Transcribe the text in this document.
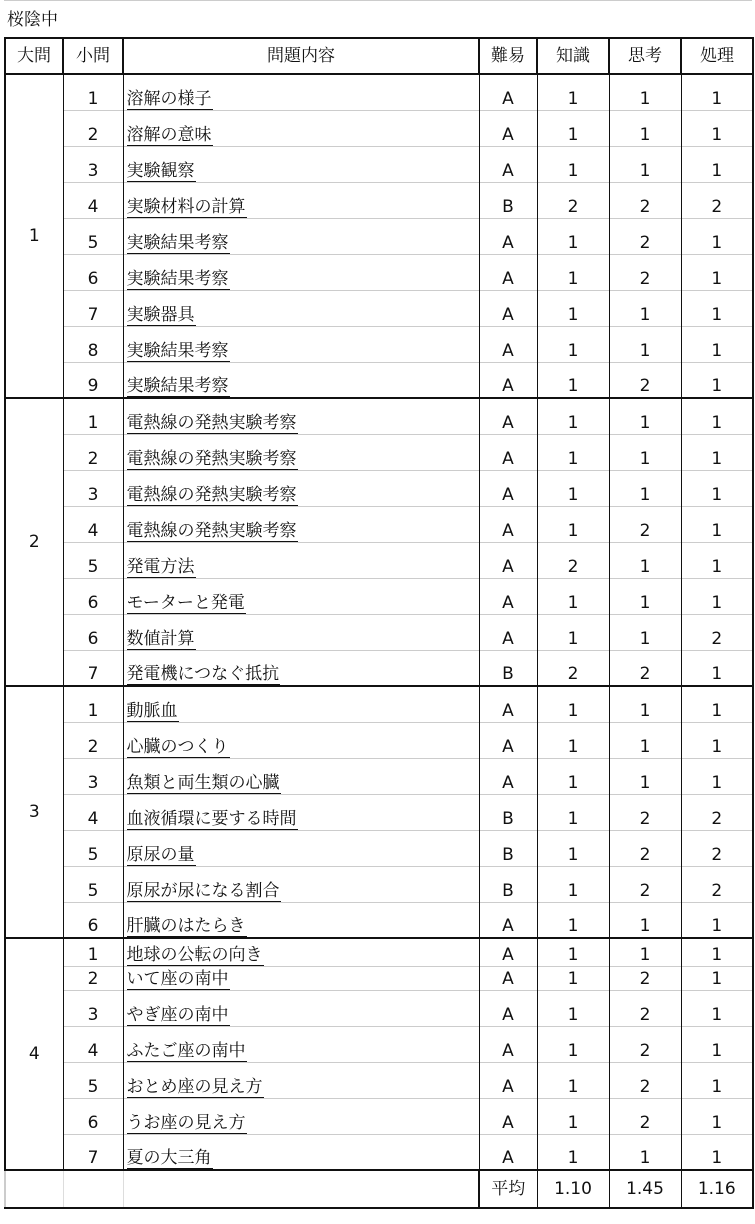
桜陰中						
大問	小問	問題内容	難易	知識	思考	処理
1	1	溶解の様子	A	1	1	1
	2	溶解の意味	A	1	1	1
	3	実験観察	A	1	1	1
	4	実験材料の計算	B	2	2	2
	5	実験結果考察	A	1	2	1
	6	実験結果考察	A	1	2	1
	7	実験器具	A	1	1	1
	8	実験結果考察	A	1	1	1
	9	実験結果考察	A	1	2	1
2	1	電熱線の発熱実験考察	A	1	1	1
	2	電熱線の発熱実験考察	A	1	1	1
	3	電熱線の発熱実験考察	A	1	1	1
	4	電熱線の発熱実験考察	A	1	2	1
	5	発電方法	A	2	1	1
	6	モーターと発電	A	1	1	1
	6	数値計算	A	1	1	2
	7	発電機につなぐ抵抗	B	2	2	1
3	1	動脈血	A	1	1	1
	2	心臓のつくり	A	1	1	1
	3	魚類と両生類の心臓	A	1	1	1
	4	血液循環に要する時間	B	1	2	2
	5	原尿の量	B	1	2	2
	5	原尿が尿になる割合	B	1	2	2
	6	肝臓のはたらき	A	1	1	1
4	1	地球の公転の向き	A	1	1	1
	2	いて座の南中	A	1	2	1
	3	やぎ座の南中	A	1	2	1
	4	ふたご座の南中	A	1	2	1
	5	おとめ座の見え方	A	1	2	1
	6	うお座の見え方	A	1	2	1
	7	夏の大三角	A	1	1	1
			平均	1.10	1.45	1.16
